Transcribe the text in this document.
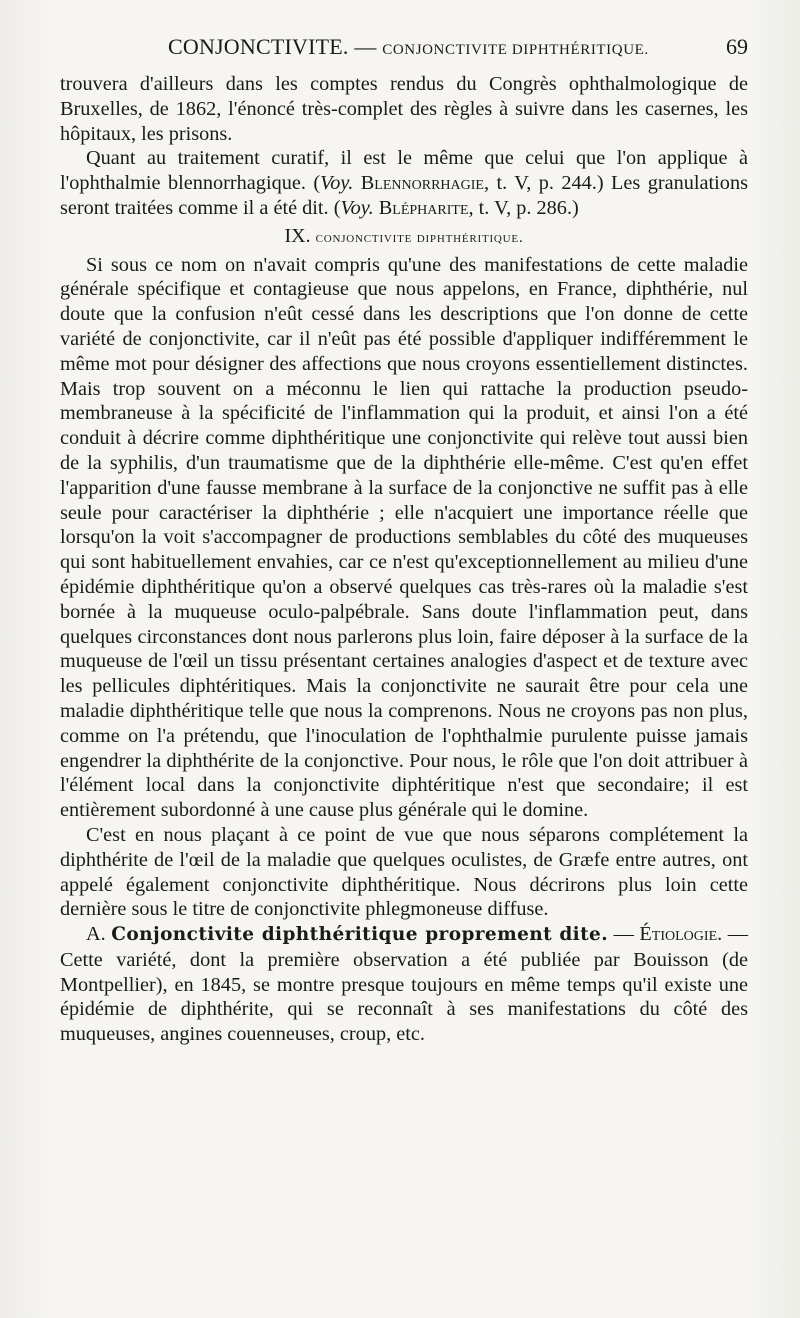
CONJONCTIVITE. — CONJONCTIVITE DIPHTHÉRITIQUE.	69

trouvera d'ailleurs dans les comptes rendus du Congrès ophthalmologique de Bruxelles, de 1862, l'énoncé très-complet des règles à suivre dans les casernes, les hôpitaux, les prisons.

Quant au traitement curatif, il est le même que celui que l'on applique à l'ophthalmie blennorrhagique. (Voy. Blennorrhagie, t. V, p. 244.) Les granulations seront traitées comme il a été dit. (Voy. Blépharite, t. V, p. 286.)

IX. conjonctivite diphthéritique.

Si sous ce nom on n'avait compris qu'une des manifestations de cette maladie générale spécifique et contagieuse que nous appelons, en France, diphthérie, nul doute que la confusion n'eût cessé dans les descriptions que l'on donne de cette variété de conjonctivite, car il n'eût pas été possible d'appliquer indifféremment le même mot pour désigner des affections que nous croyons essentiellement distinctes. Mais trop souvent on a méconnu le lien qui rattache la production pseudo-membraneuse à la spécificité de l'inflammation qui la produit, et ainsi l'on a été conduit à décrire comme diphthéritique une conjonctivite qui relève tout aussi bien de la syphilis, d'un traumatisme que de la diphthérie elle-même. C'est qu'en effet l'apparition d'une fausse membrane à la surface de la conjonctive ne suffit pas à elle seule pour caractériser la diphthérie ; elle n'acquiert une importance réelle que lorsqu'on la voit s'accompagner de productions semblables du côté des muqueuses qui sont habituellement envahies, car ce n'est qu'exceptionnellement au milieu d'une épidémie diphthéritique qu'on a observé quelques cas très-rares où la maladie s'est bornée à la muqueuse oculo-palpébrale. Sans doute l'inflammation peut, dans quelques circonstances dont nous parlerons plus loin, faire déposer à la surface de la muqueuse de l'œil un tissu présentant certaines analogies d'aspect et de texture avec les pellicules diphtéritiques. Mais la conjonctivite ne saurait être pour cela une maladie diphthéritique telle que nous la comprenons. Nous ne croyons pas non plus, comme on l'a prétendu, que l'inoculation de l'ophthalmie purulente puisse jamais engendrer la diphthérite de la conjonctive. Pour nous, le rôle que l'on doit attribuer à l'élément local dans la conjonctivite diphtéritique n'est que secondaire; il est entièrement subordonné à une cause plus générale qui le domine.

C'est en nous plaçant à ce point de vue que nous séparons complétement la diphthérite de l'œil de la maladie que quelques oculistes, de Græfe entre autres, ont appelé également conjonctivite diphthéritique. Nous décrirons plus loin cette dernière sous le titre de conjonctivite phlegmoneuse diffuse.

A. Conjonctivite diphthéritique proprement dite. — Étiologie. — Cette variété, dont la première observation a été publiée par Bouisson (de Montpellier), en 1845, se montre presque toujours en même temps qu'il existe une épidémie de diphthérite, qui se reconnaît à ses manifestations du côté des muqueuses, angines couenneuses, croup, etc.
